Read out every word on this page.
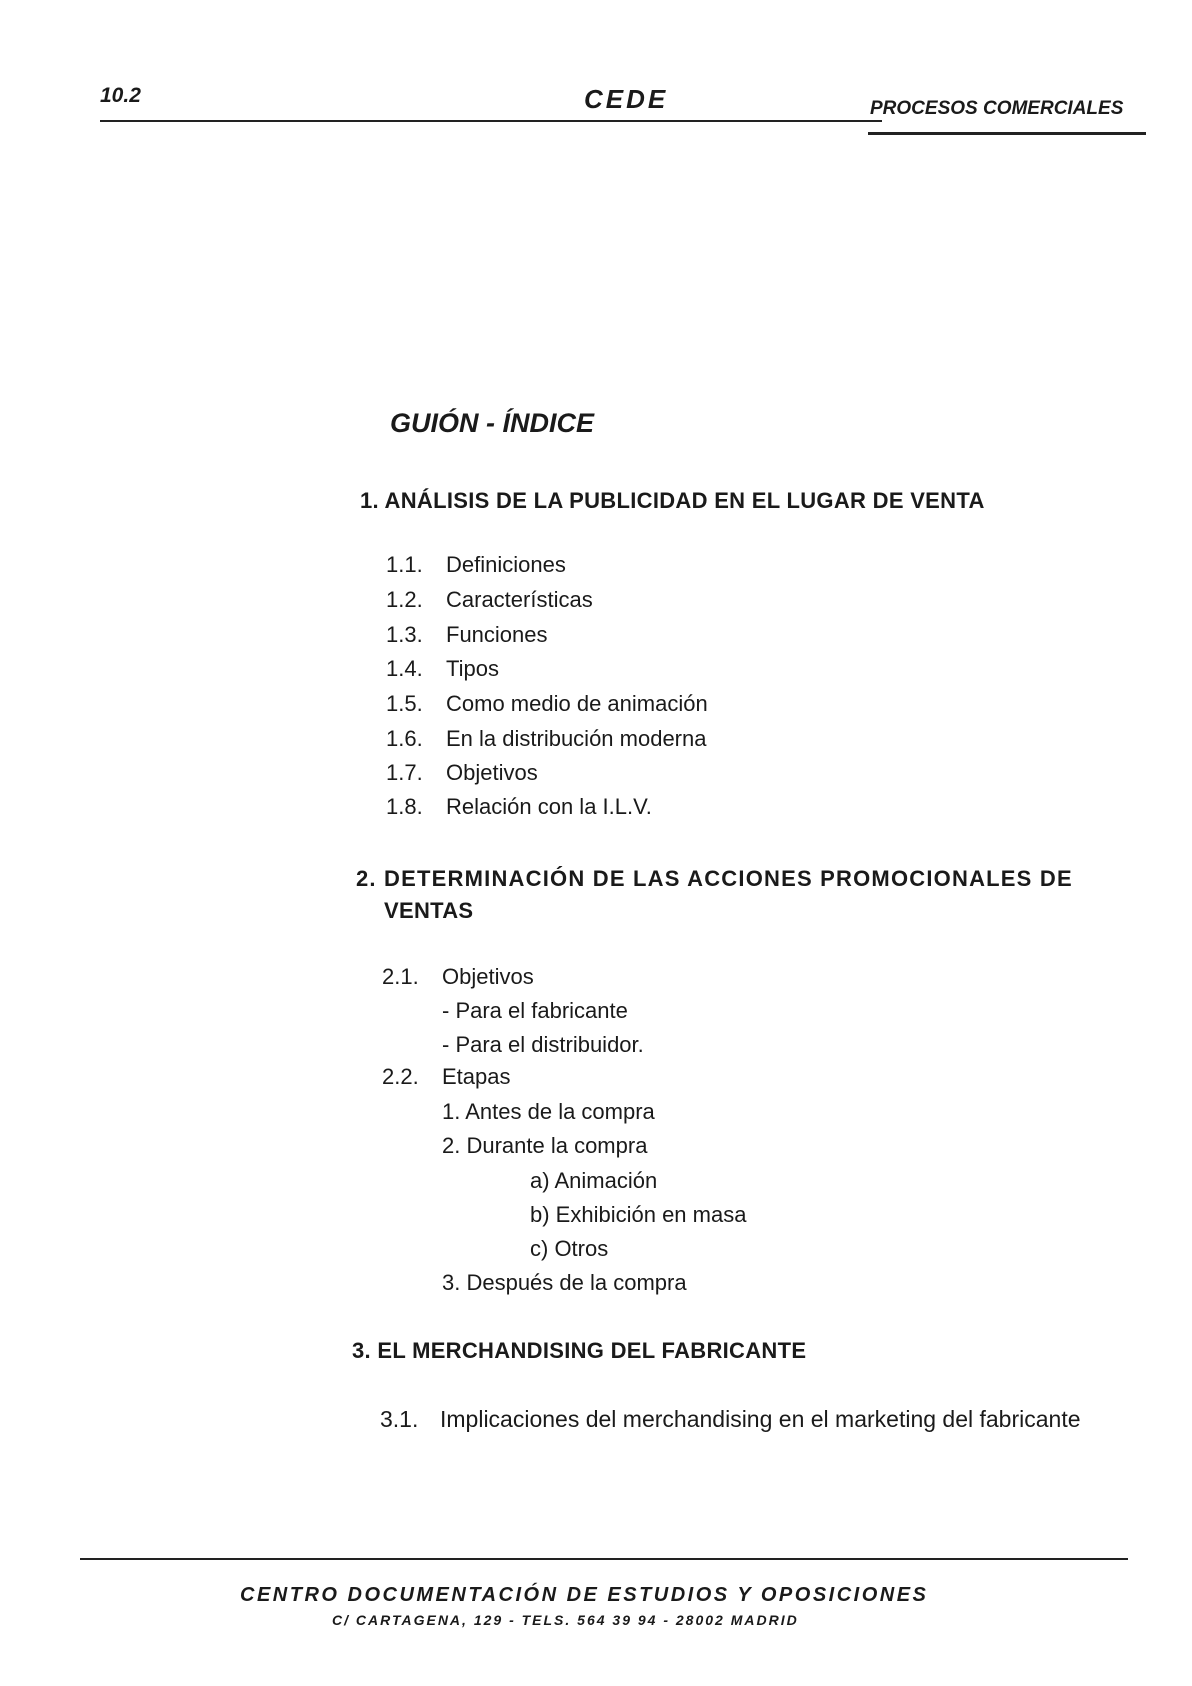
10.2	CEDE	PROCESOS COMERCIALES
GUIÓN - ÍNDICE
1. ANÁLISIS DE LA PUBLICIDAD EN EL LUGAR DE VENTA
1.1. Definiciones
1.2. Características
1.3. Funciones
1.4. Tipos
1.5. Como medio de animación
1.6. En la distribución moderna
1.7. Objetivos
1.8. Relación con la I.L.V.
2. DETERMINACIÓN DE LAS ACCIONES PROMOCIONALES DE
VENTAS
2.1. Objetivos
- Para el fabricante
- Para el distribuidor.
2.2. Etapas
1. Antes de la compra
2. Durante la compra
a) Animación
b) Exhibición en masa
c) Otros
3. Después de la compra
3. EL MERCHANDISING DEL FABRICANTE
3.1. Implicaciones del merchandising en el marketing del fabricante
CENTRO DOCUMENTACIÓN DE ESTUDIOS Y OPOSICIONES
C/ CARTAGENA, 129 - TELS. 564 39 94 - 28002 MADRID
